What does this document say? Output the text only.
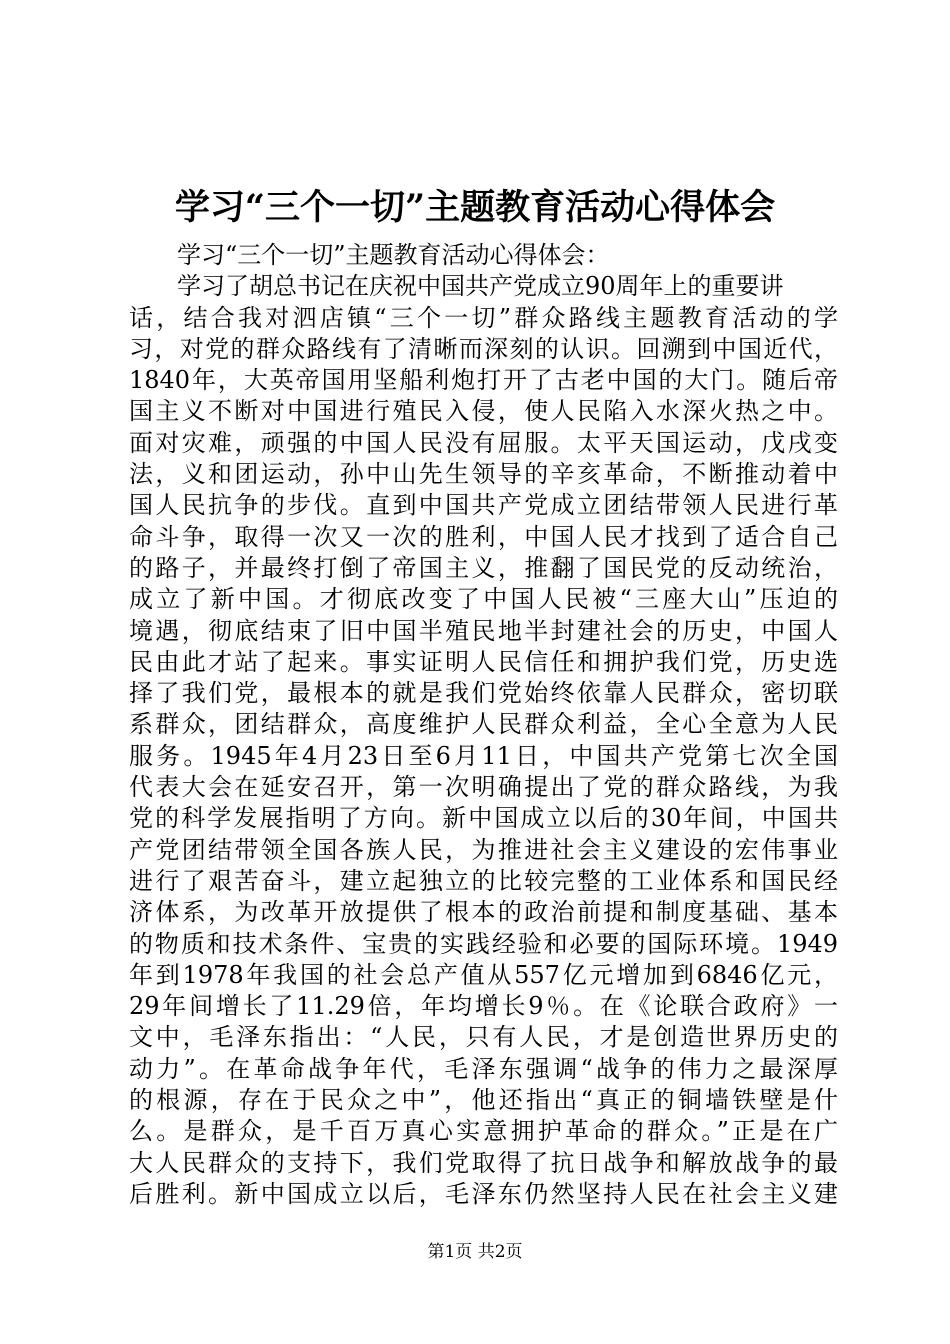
学习“三个一切”主题教育活动心得体会
学习“三个一切”主题教育活动心得体会：
学习了胡总书记在庆祝中国共产党成立90周年上的重要讲
话，结合我对泗店镇“三个一切”群众路线主题教育活动的学
习，对党的群众路线有了清晰而深刻的认识。回溯到中国近代，
1840年，大英帝国用坚船利炮打开了古老中国的大门。随后帝
国主义不断对中国进行殖民入侵，使人民陷入水深火热之中。
面对灾难，顽强的中国人民没有屈服。太平天国运动，戊戌变
法，义和团运动，孙中山先生领导的辛亥革命，不断推动着中
国人民抗争的步伐。直到中国共产党成立团结带领人民进行革
命斗争，取得一次又一次的胜利，中国人民才找到了适合自己
的路子，并最终打倒了帝国主义，推翻了国民党的反动统治，
成立了新中国。才彻底改变了中国人民被“三座大山”压迫的
境遇，彻底结束了旧中国半殖民地半封建社会的历史，中国人
民由此才站了起来。事实证明人民信任和拥护我们党，历史选
择了我们党，最根本的就是我们党始终依靠人民群众，密切联
系群众，团结群众，高度维护人民群众利益，全心全意为人民
服务。1945年4月23日至6月11日，中国共产党第七次全国
代表大会在延安召开，第一次明确提出了党的群众路线，为我
党的科学发展指明了方向。新中国成立以后的30年间，中国共
产党团结带领全国各族人民，为推进社会主义建设的宏伟事业
进行了艰苦奋斗，建立起独立的比较完整的工业体系和国民经
济体系，为改革开放提供了根本的政治前提和制度基础、基本
的物质和技术条件、宝贵的实践经验和必要的国际环境。1949
年到1978年我国的社会总产值从557亿元增加到6846亿元，
29年间增长了11.29倍，年均增长9％。在《论联合政府》一
文中，毛泽东指出：“人民，只有人民，才是创造世界历史的
动力”。在革命战争年代，毛泽东强调“战争的伟力之最深厚
的根源，存在于民众之中”，他还指出“真正的铜墙铁壁是什
么。是群众，是千百万真心实意拥护革命的群众。”正是在广
大人民群众的支持下，我们党取得了抗日战争和解放战争的最
后胜利。新中国成立以后，毛泽东仍然坚持人民在社会主义建
第1页 共2页
